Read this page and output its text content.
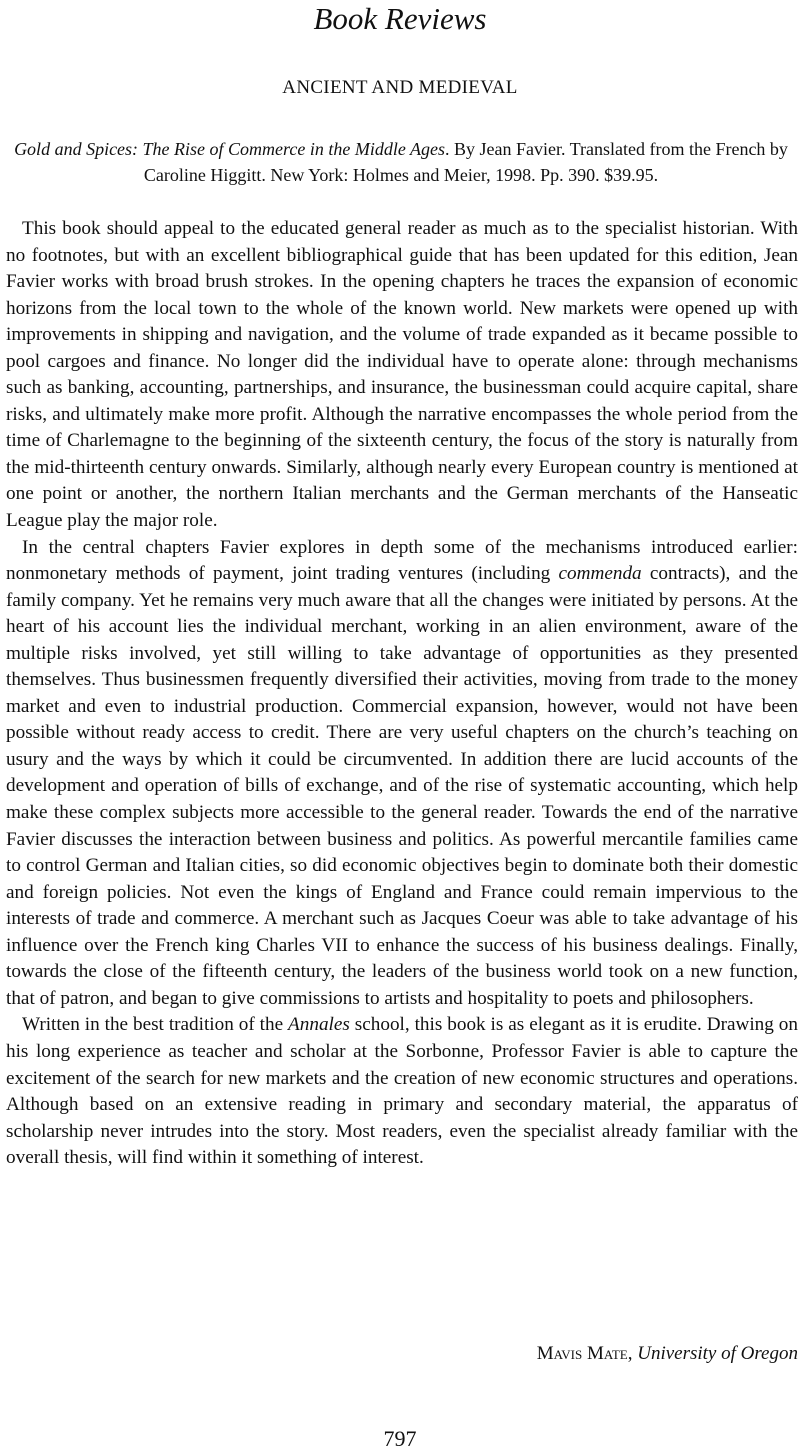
Book Reviews
ANCIENT AND MEDIEVAL
Gold and Spices: The Rise of Commerce in the Middle Ages. By Jean Favier. Translated from the French by Caroline Higgitt. New York: Holmes and Meier, 1998. Pp. 390. $39.95.

This book should appeal to the educated general reader as much as to the specialist historian. With no footnotes, but with an excellent bibliographical guide that has been updated for this edition, Jean Favier works with broad brush strokes. In the opening chapters he traces the expansion of economic horizons from the local town to the whole of the known world. New markets were opened up with improvements in shipping and navigation, and the volume of trade expanded as it became possible to pool cargoes and finance. No longer did the individual have to operate alone: through mechanisms such as banking, accounting, partnerships, and insurance, the businessman could acquire capital, share risks, and ultimately make more profit. Although the narrative encompasses the whole period from the time of Charlemagne to the beginning of the sixteenth century, the focus of the story is naturally from the mid-thirteenth century onwards. Similarly, although nearly every European country is mentioned at one point or another, the northern Italian merchants and the German merchants of the Hanseatic League play the major role.

In the central chapters Favier explores in depth some of the mechanisms introduced earlier: nonmonetary methods of payment, joint trading ventures (including commenda contracts), and the family company. Yet he remains very much aware that all the changes were initiated by persons. At the heart of his account lies the individual merchant, working in an alien environment, aware of the multiple risks involved, yet still willing to take advantage of opportunities as they presented themselves. Thus businessmen frequently diversified their activities, moving from trade to the money market and even to industrial production. Commercial expansion, however, would not have been possible without ready access to credit. There are very useful chapters on the church’s teaching on usury and the ways by which it could be circumvented. In addition there are lucid accounts of the development and operation of bills of exchange, and of the rise of systematic accounting, which help make these complex subjects more accessible to the general reader. Towards the end of the narrative Favier discusses the interaction between business and politics. As powerful mercantile families came to control German and Italian cities, so did economic objectives begin to dominate both their domestic and foreign policies. Not even the kings of England and France could remain impervious to the interests of trade and commerce. A merchant such as Jacques Coeur was able to take advantage of his influence over the French king Charles VII to enhance the success of his business dealings. Finally, towards the close of the fifteenth century, the leaders of the business world took on a new function, that of patron, and began to give commissions to artists and hospitality to poets and philosophers.

Written in the best tradition of the Annales school, this book is as elegant as it is erudite. Drawing on his long experience as teacher and scholar at the Sorbonne, Professor Favier is able to capture the excitement of the search for new markets and the creation of new economic structures and operations. Although based on an extensive reading in primary and secondary material, the apparatus of scholarship never intrudes into the story. Most readers, even the specialist already familiar with the overall thesis, will find within it something of interest.

Mavis Mate, University of Oregon
797
